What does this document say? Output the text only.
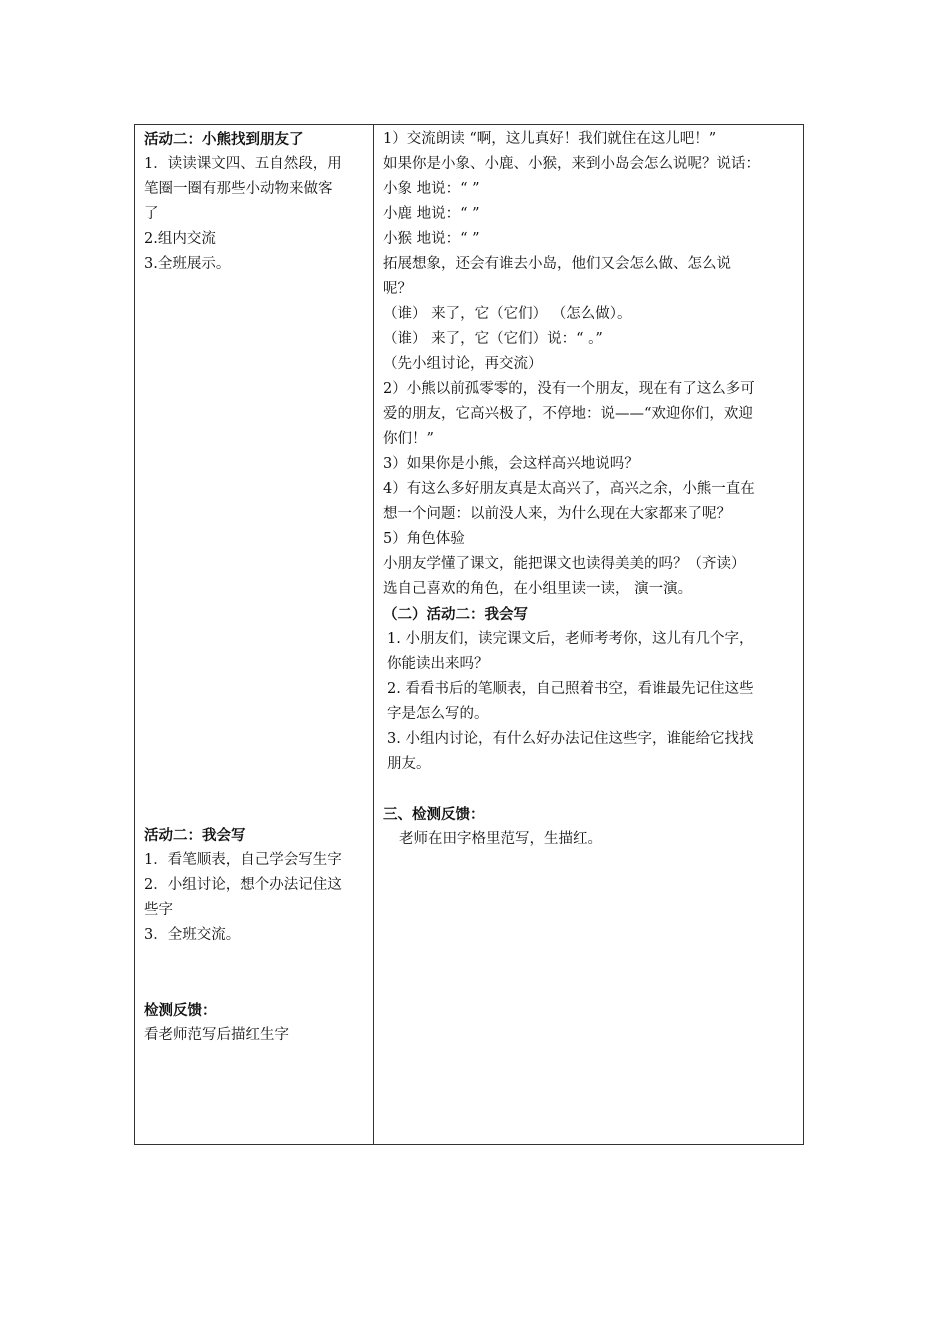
活动二：小熊找到朋友了
1．读读课文四、五自然段，用
笔圈一圈有那些小动物来做客
了
2.组内交流
3.全班展示。
活动二：我会写
1．看笔顺表，自己学会写生字
2．小组讨论，想个办法记住这
些字
3．全班交流。
检测反馈：
看老师范写后描红生字
1）交流朗读 “啊，这儿真好！我们就住在这儿吧！”
如果你是小象、小鹿、小猴，来到小岛会怎么说呢？说话：
小象 地说：“ ”
小鹿 地说：“ ”
小猴 地说：“ ”
拓展想象，还会有谁去小岛，他们又会怎么做、怎么说
呢？
（谁） 来了，它（它们） （怎么做）。
（谁） 来了，它（它们）说：“ 。”
（先小组讨论，再交流）
2）小熊以前孤零零的，没有一个朋友，现在有了这么多可
爱的朋友，它高兴极了，不停地：说——“欢迎你们，欢迎
你们！”
3）如果你是小熊，会这样高兴地说吗？
4）有这么多好朋友真是太高兴了，高兴之余，小熊一直在
想一个问题：以前没人来，为什么现在大家都来了呢？
5）角色体验
小朋友学懂了课文，能把课文也读得美美的吗？（齐读）
选自己喜欢的角色，在小组里读一读， 演一演。
（二）活动二：我会写
1. 小朋友们，读完课文后，老师考考你，这儿有几个字，
你能读出来吗？
2. 看看书后的笔顺表，自己照着书空，看谁最先记住这些
字是怎么写的。
3. 小组内讨论，有什么好办法记住这些字，谁能给它找找
朋友。
三、检测反馈：
老师在田字格里范写，生描红。
